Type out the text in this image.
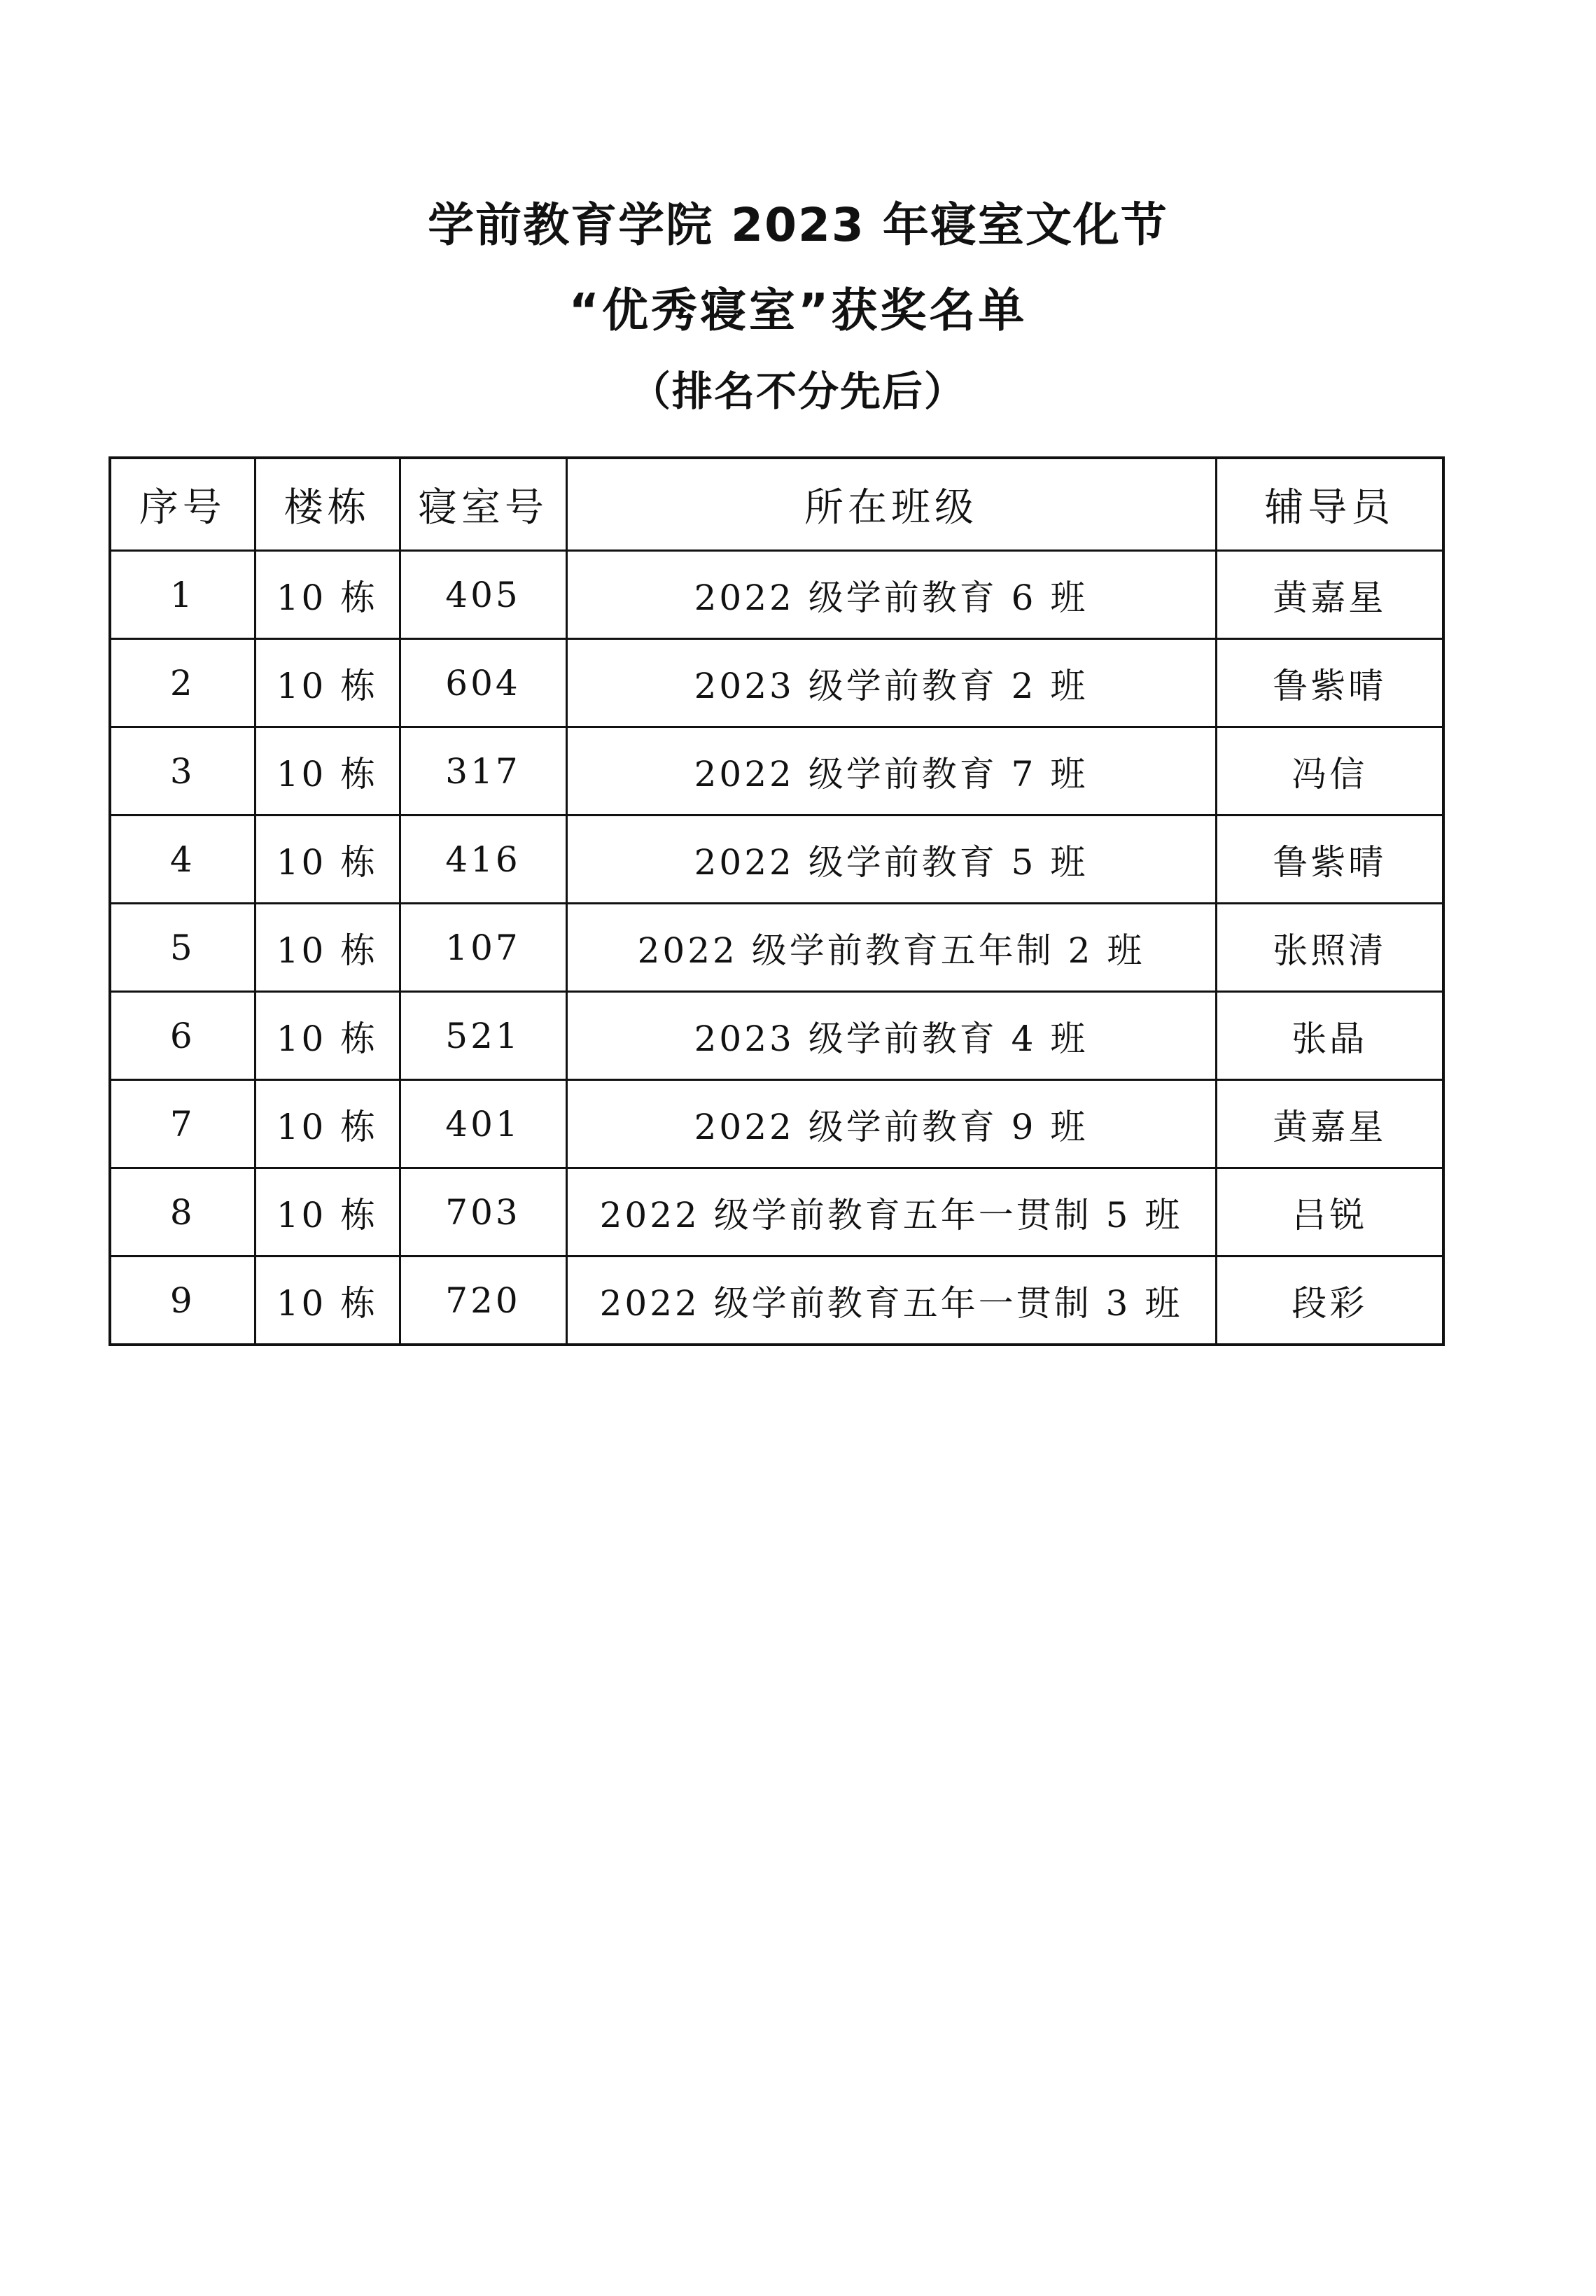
学前教育学院 2023 年寝室文化节
“优秀寝室”获奖名单
（排名不分先后）
序号	楼栋	寝室号	所在班级	辅导员
1	10 栋	405	2022 级学前教育 6 班	黄嘉星
2	10 栋	604	2023 级学前教育 2 班	鲁紫晴
3	10 栋	317	2022 级学前教育 7 班	冯信
4	10 栋	416	2022 级学前教育 5 班	鲁紫晴
5	10 栋	107	2022 级学前教育五年制 2 班	张照清
6	10 栋	521	2023 级学前教育 4 班	张晶
7	10 栋	401	2022 级学前教育 9 班	黄嘉星
8	10 栋	703	2022 级学前教育五年一贯制 5 班	吕锐
9	10 栋	720	2022 级学前教育五年一贯制 3 班	段彩
